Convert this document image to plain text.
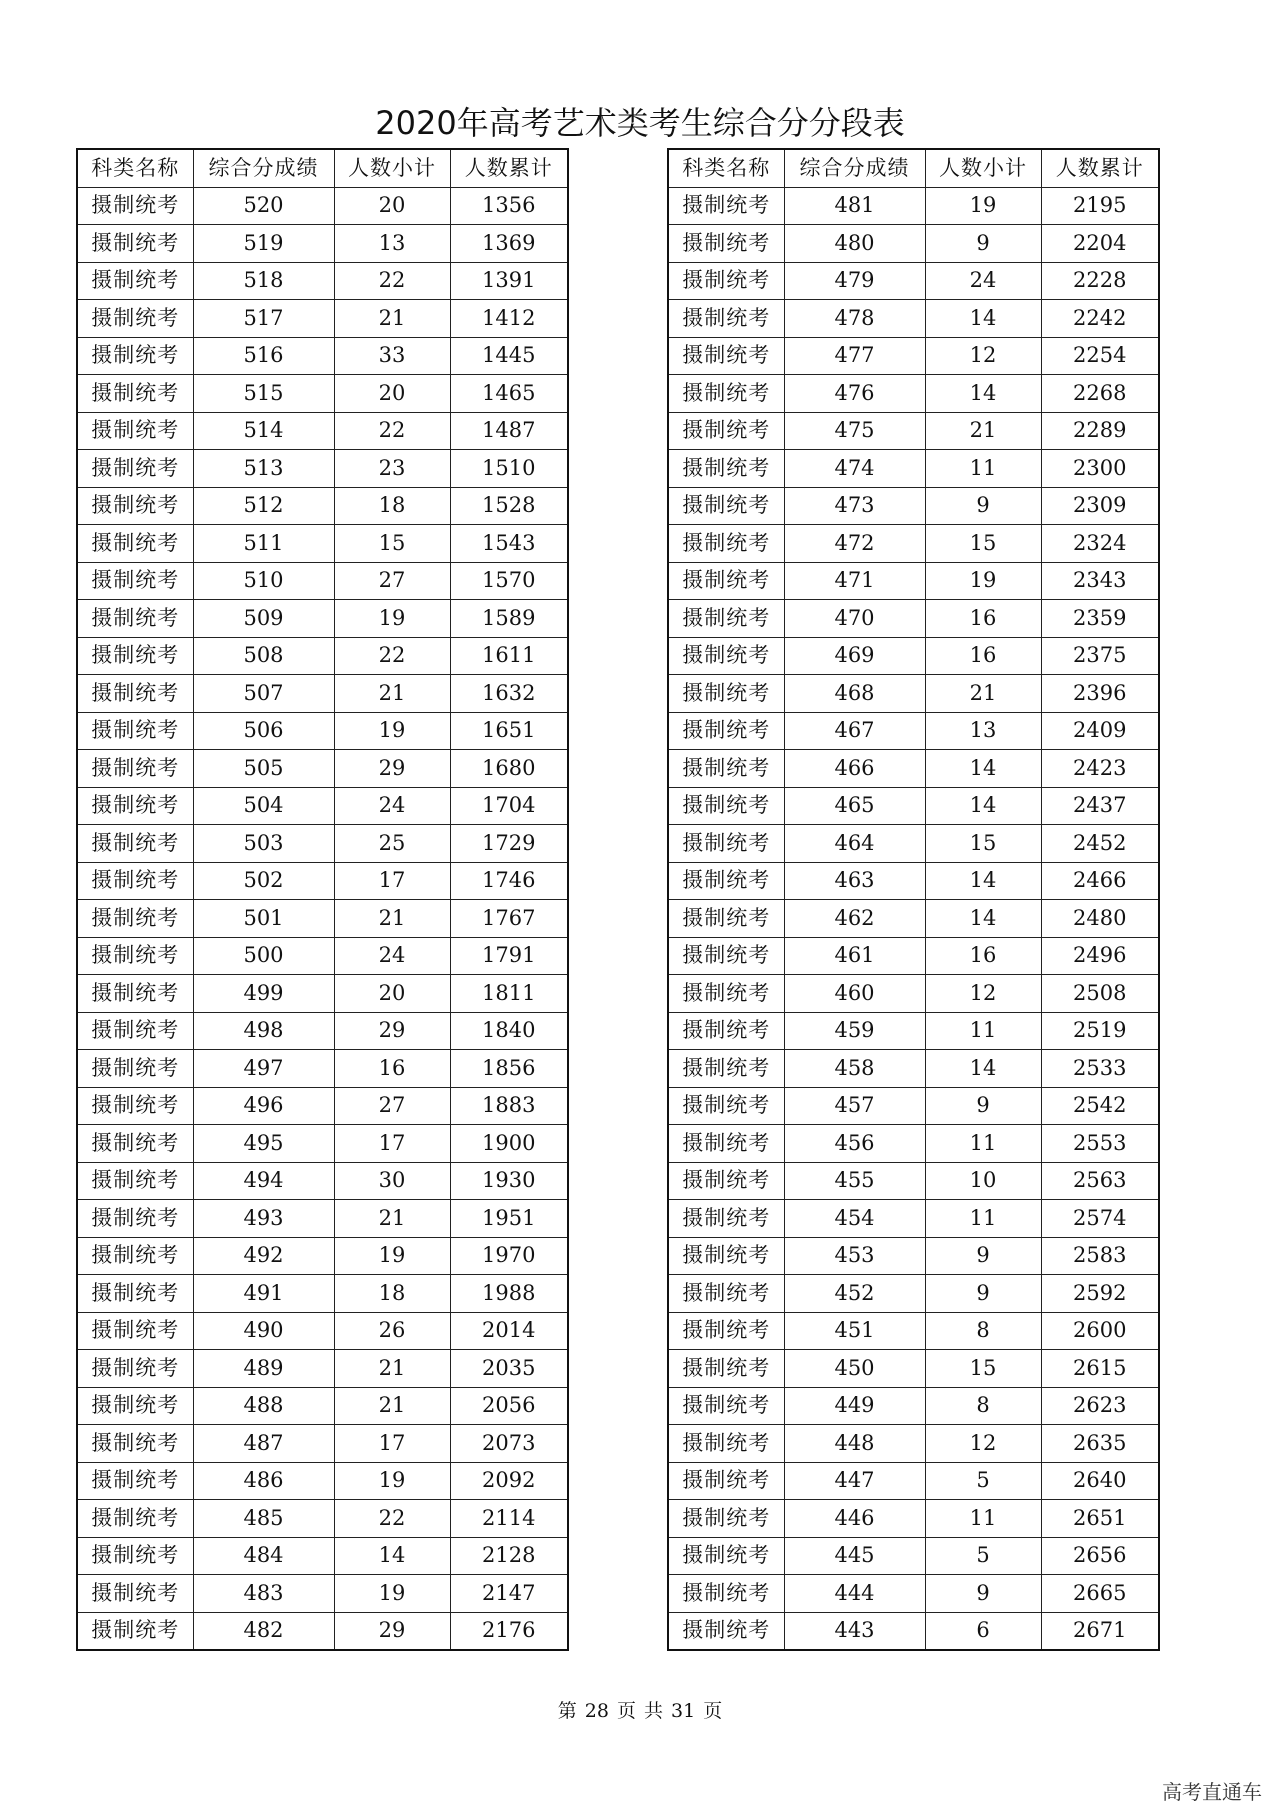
2020年高考艺术类考生综合分分段表
科类名称	综合分成绩	人数小计	人数累计
摄制统考	520	20	1356
摄制统考	519	13	1369
摄制统考	518	22	1391
摄制统考	517	21	1412
摄制统考	516	33	1445
摄制统考	515	20	1465
摄制统考	514	22	1487
摄制统考	513	23	1510
摄制统考	512	18	1528
摄制统考	511	15	1543
摄制统考	510	27	1570
摄制统考	509	19	1589
摄制统考	508	22	1611
摄制统考	507	21	1632
摄制统考	506	19	1651
摄制统考	505	29	1680
摄制统考	504	24	1704
摄制统考	503	25	1729
摄制统考	502	17	1746
摄制统考	501	21	1767
摄制统考	500	24	1791
摄制统考	499	20	1811
摄制统考	498	29	1840
摄制统考	497	16	1856
摄制统考	496	27	1883
摄制统考	495	17	1900
摄制统考	494	30	1930
摄制统考	493	21	1951
摄制统考	492	19	1970
摄制统考	491	18	1988
摄制统考	490	26	2014
摄制统考	489	21	2035
摄制统考	488	21	2056
摄制统考	487	17	2073
摄制统考	486	19	2092
摄制统考	485	22	2114
摄制统考	484	14	2128
摄制统考	483	19	2147
摄制统考	482	29	2176
科类名称	综合分成绩	人数小计	人数累计
摄制统考	481	19	2195
摄制统考	480	9	2204
摄制统考	479	24	2228
摄制统考	478	14	2242
摄制统考	477	12	2254
摄制统考	476	14	2268
摄制统考	475	21	2289
摄制统考	474	11	2300
摄制统考	473	9	2309
摄制统考	472	15	2324
摄制统考	471	19	2343
摄制统考	470	16	2359
摄制统考	469	16	2375
摄制统考	468	21	2396
摄制统考	467	13	2409
摄制统考	466	14	2423
摄制统考	465	14	2437
摄制统考	464	15	2452
摄制统考	463	14	2466
摄制统考	462	14	2480
摄制统考	461	16	2496
摄制统考	460	12	2508
摄制统考	459	11	2519
摄制统考	458	14	2533
摄制统考	457	9	2542
摄制统考	456	11	2553
摄制统考	455	10	2563
摄制统考	454	11	2574
摄制统考	453	9	2583
摄制统考	452	9	2592
摄制统考	451	8	2600
摄制统考	450	15	2615
摄制统考	449	8	2623
摄制统考	448	12	2635
摄制统考	447	5	2640
摄制统考	446	11	2651
摄制统考	445	5	2656
摄制统考	444	9	2665
摄制统考	443	6	2671
第 28 页 共 31 页
高考直通车
